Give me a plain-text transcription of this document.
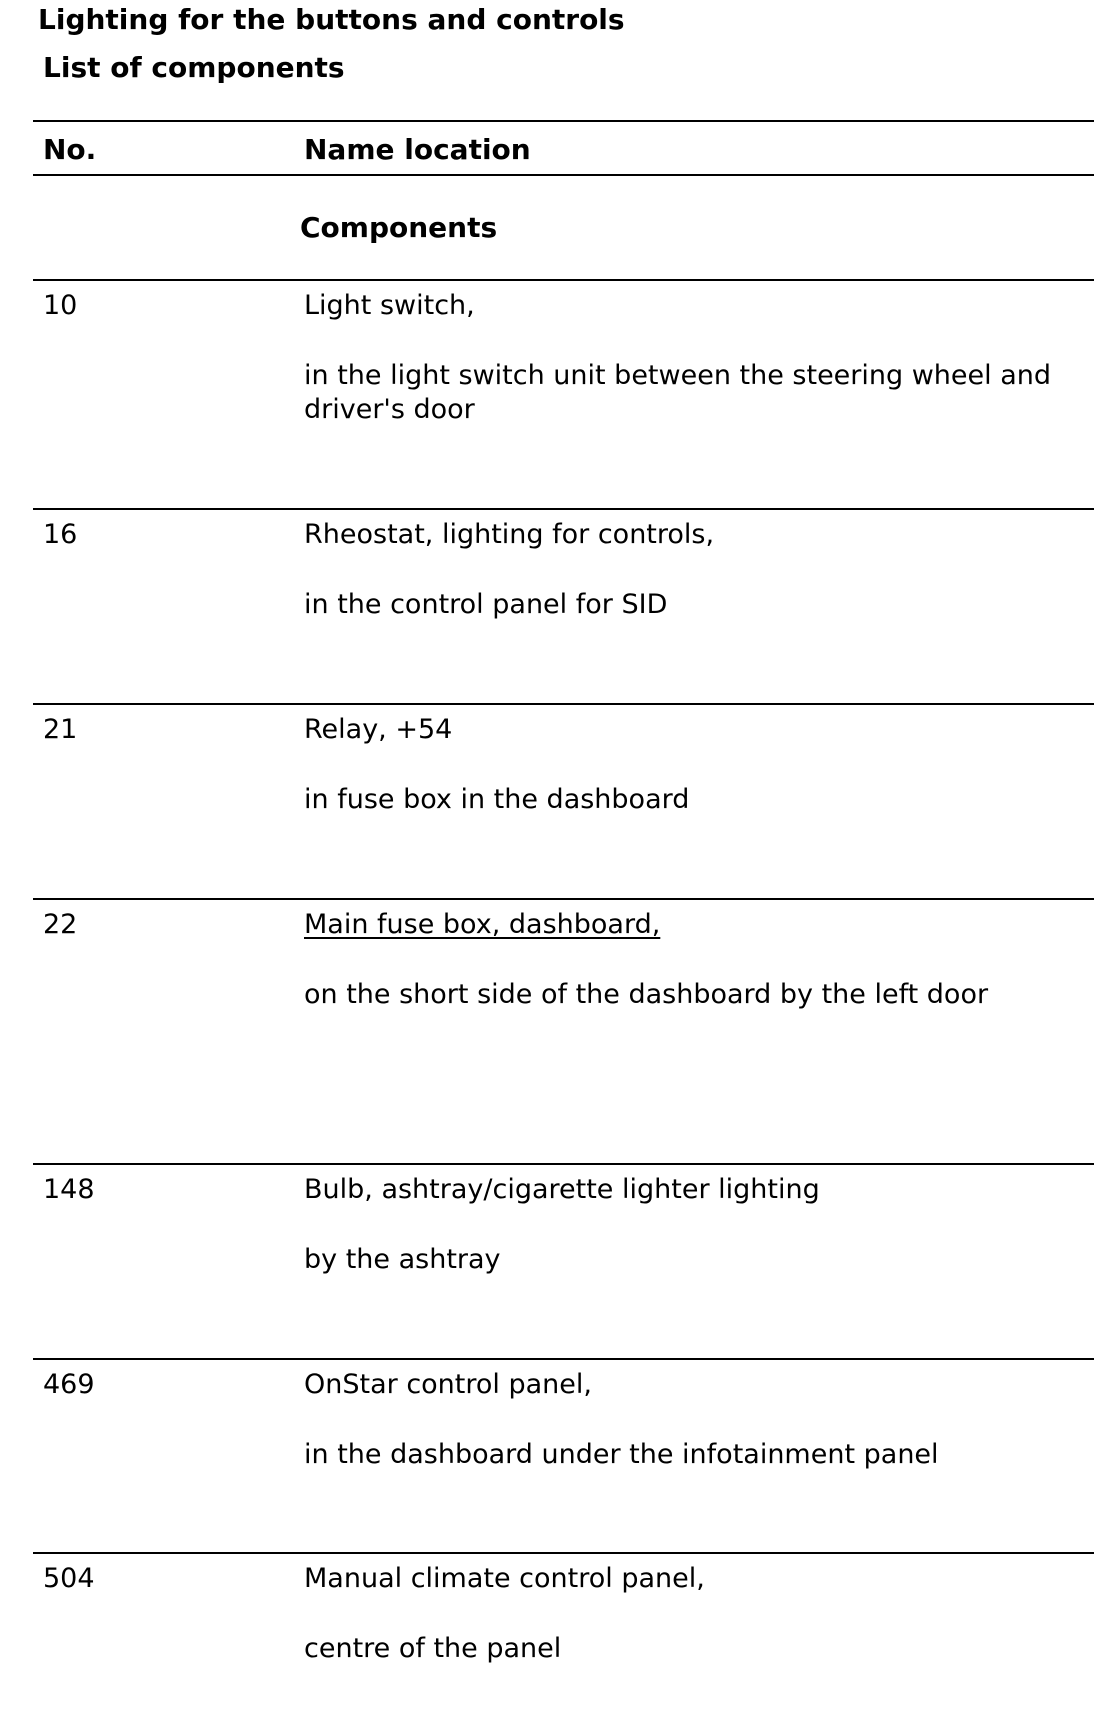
Lighting for the buttons and controls
List of components
No.	Name location
Components
10	Light switch,
in the light switch unit between the steering wheel and driver's door
16	Rheostat, lighting for controls,
in the control panel for SID
21	Relay, +54
in fuse box in the dashboard
22	Main fuse box, dashboard,
on the short side of the dashboard by the left door
148	Bulb, ashtray/cigarette lighter lighting
by the ashtray
469	OnStar control panel,
in the dashboard under the infotainment panel
504	Manual climate control panel,
centre of the panel
